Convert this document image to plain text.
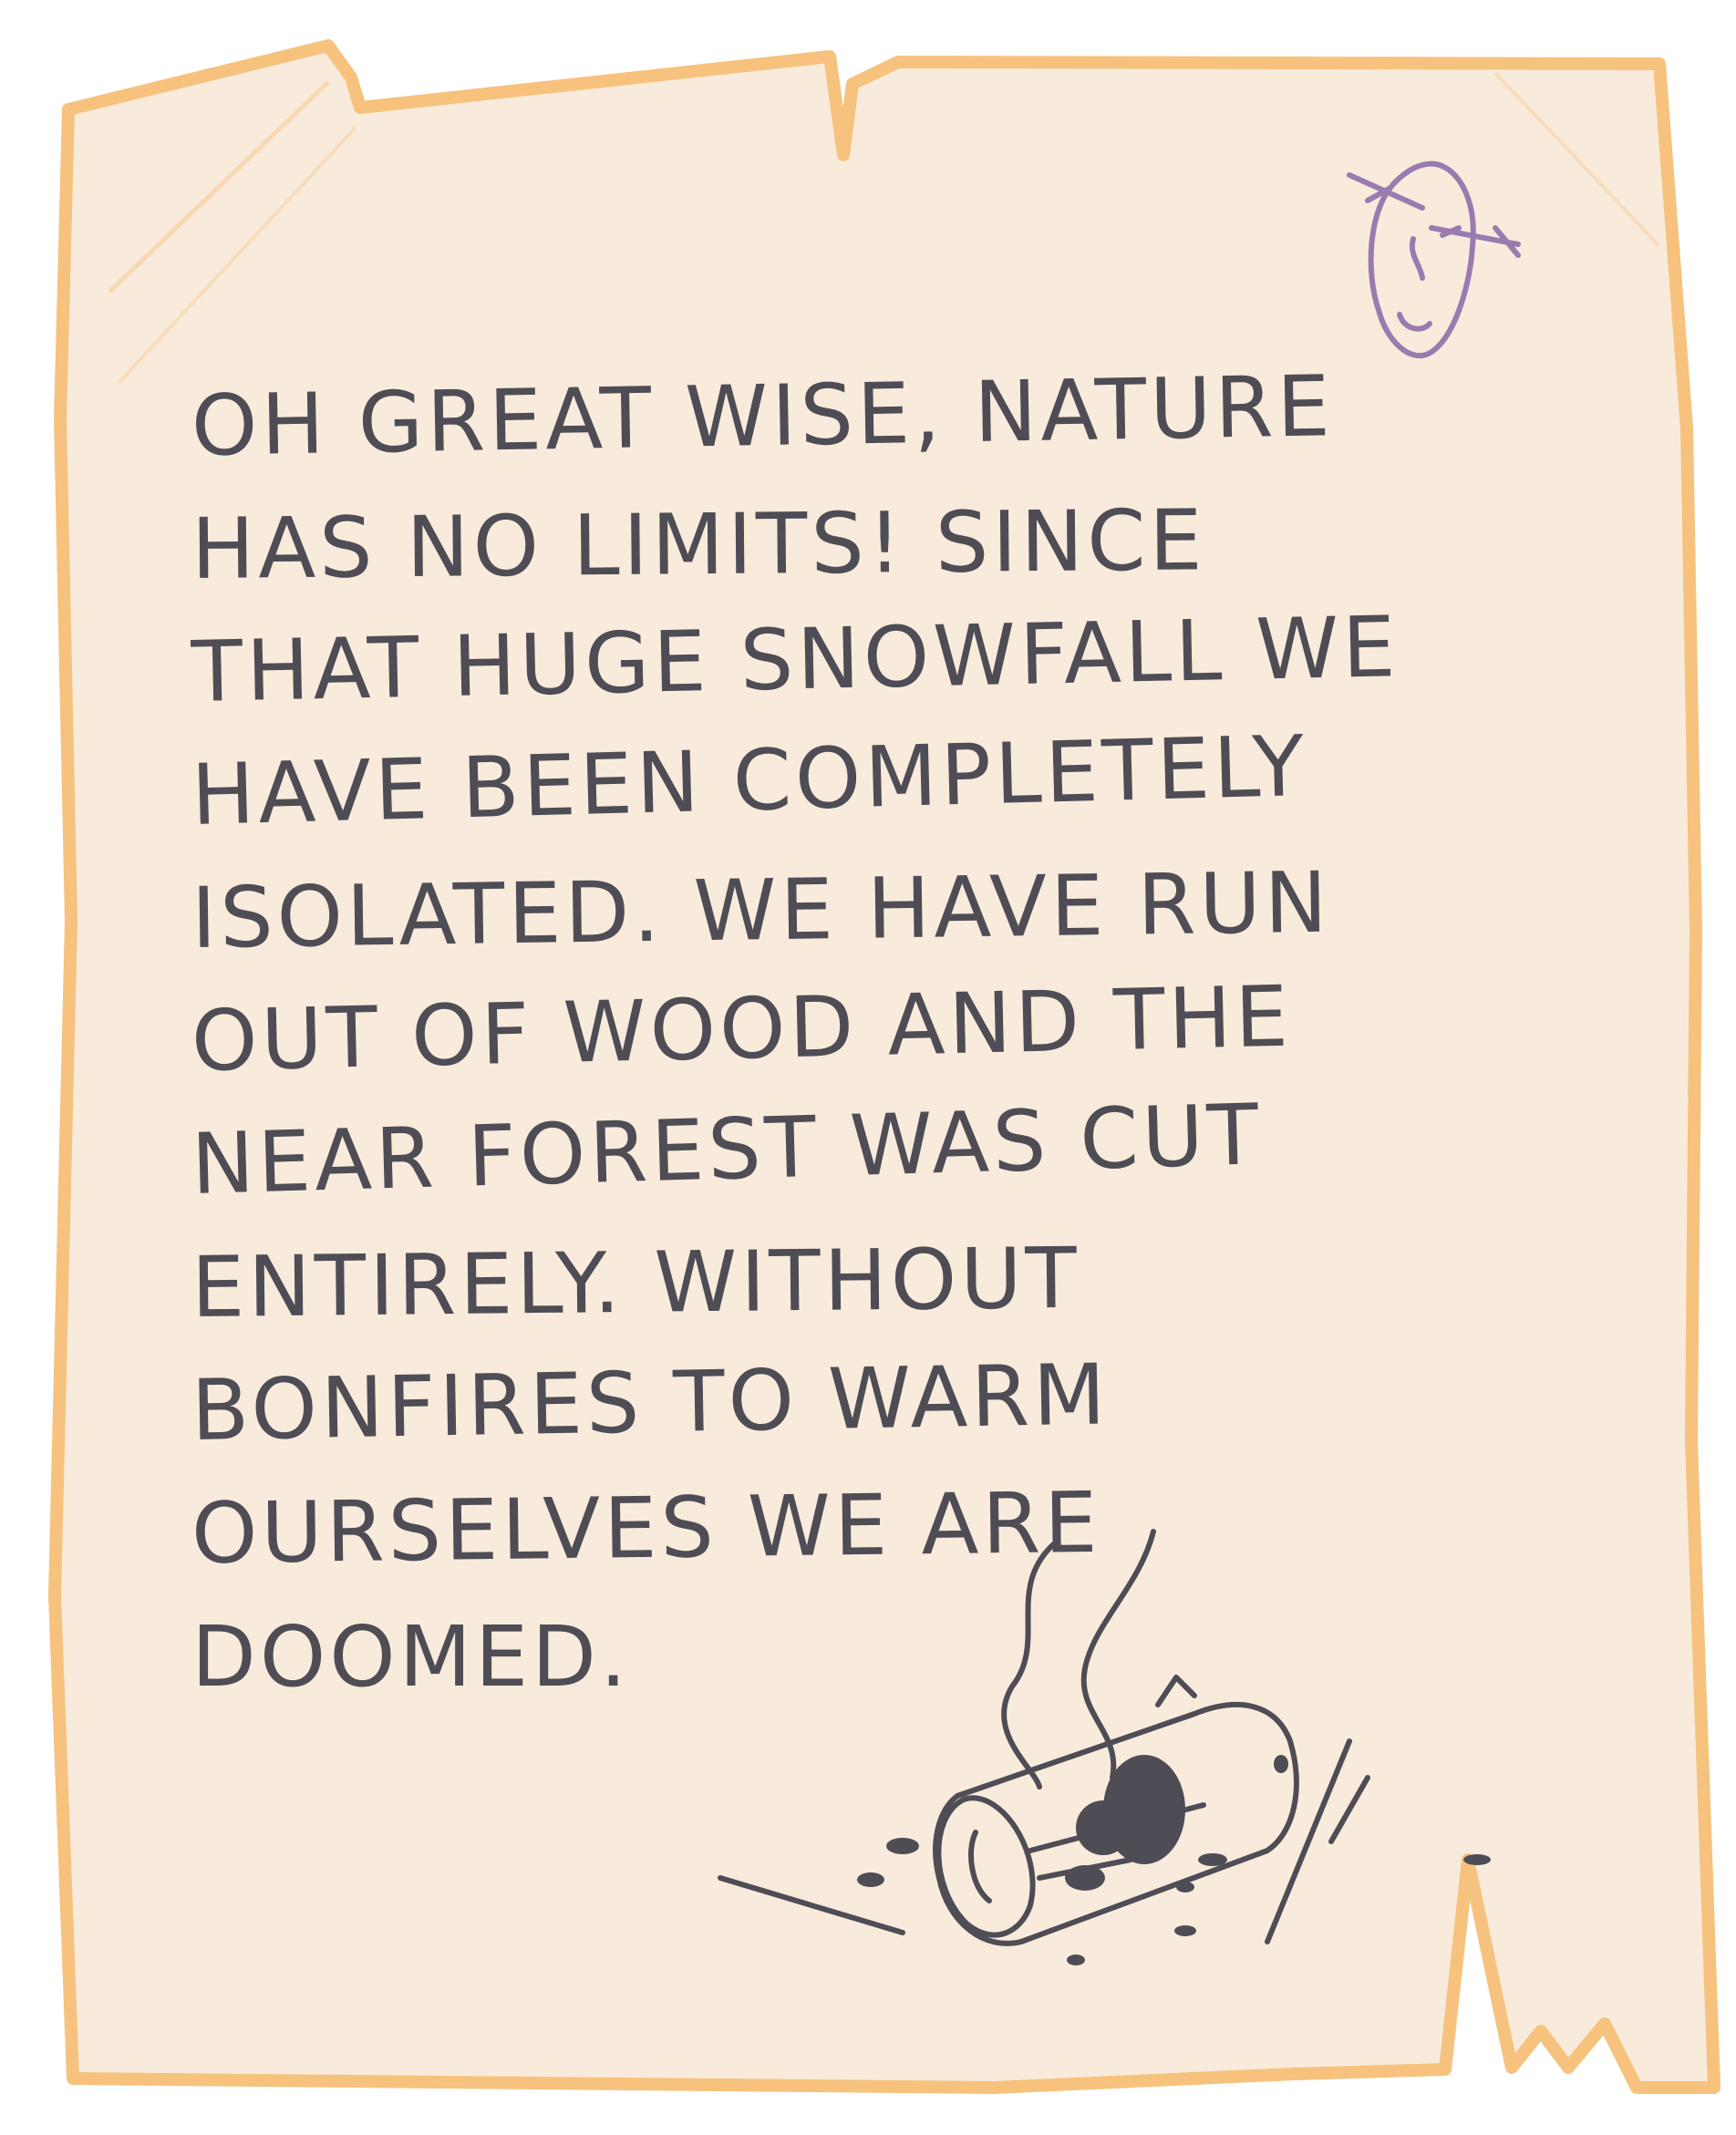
OH GREAT WISE, NATURE
HAS NO LIMITS! SINCE
THAT HUGE SNOWFALL WE
HAVE BEEN COMPLETELY
ISOLATED. WE HAVE RUN
OUT OF WOOD AND THE
NEAR FOREST WAS CUT
ENTIRELY. WITHOUT
BONFIRES TO WARM
OURSELVES WE ARE
DOOMED.
